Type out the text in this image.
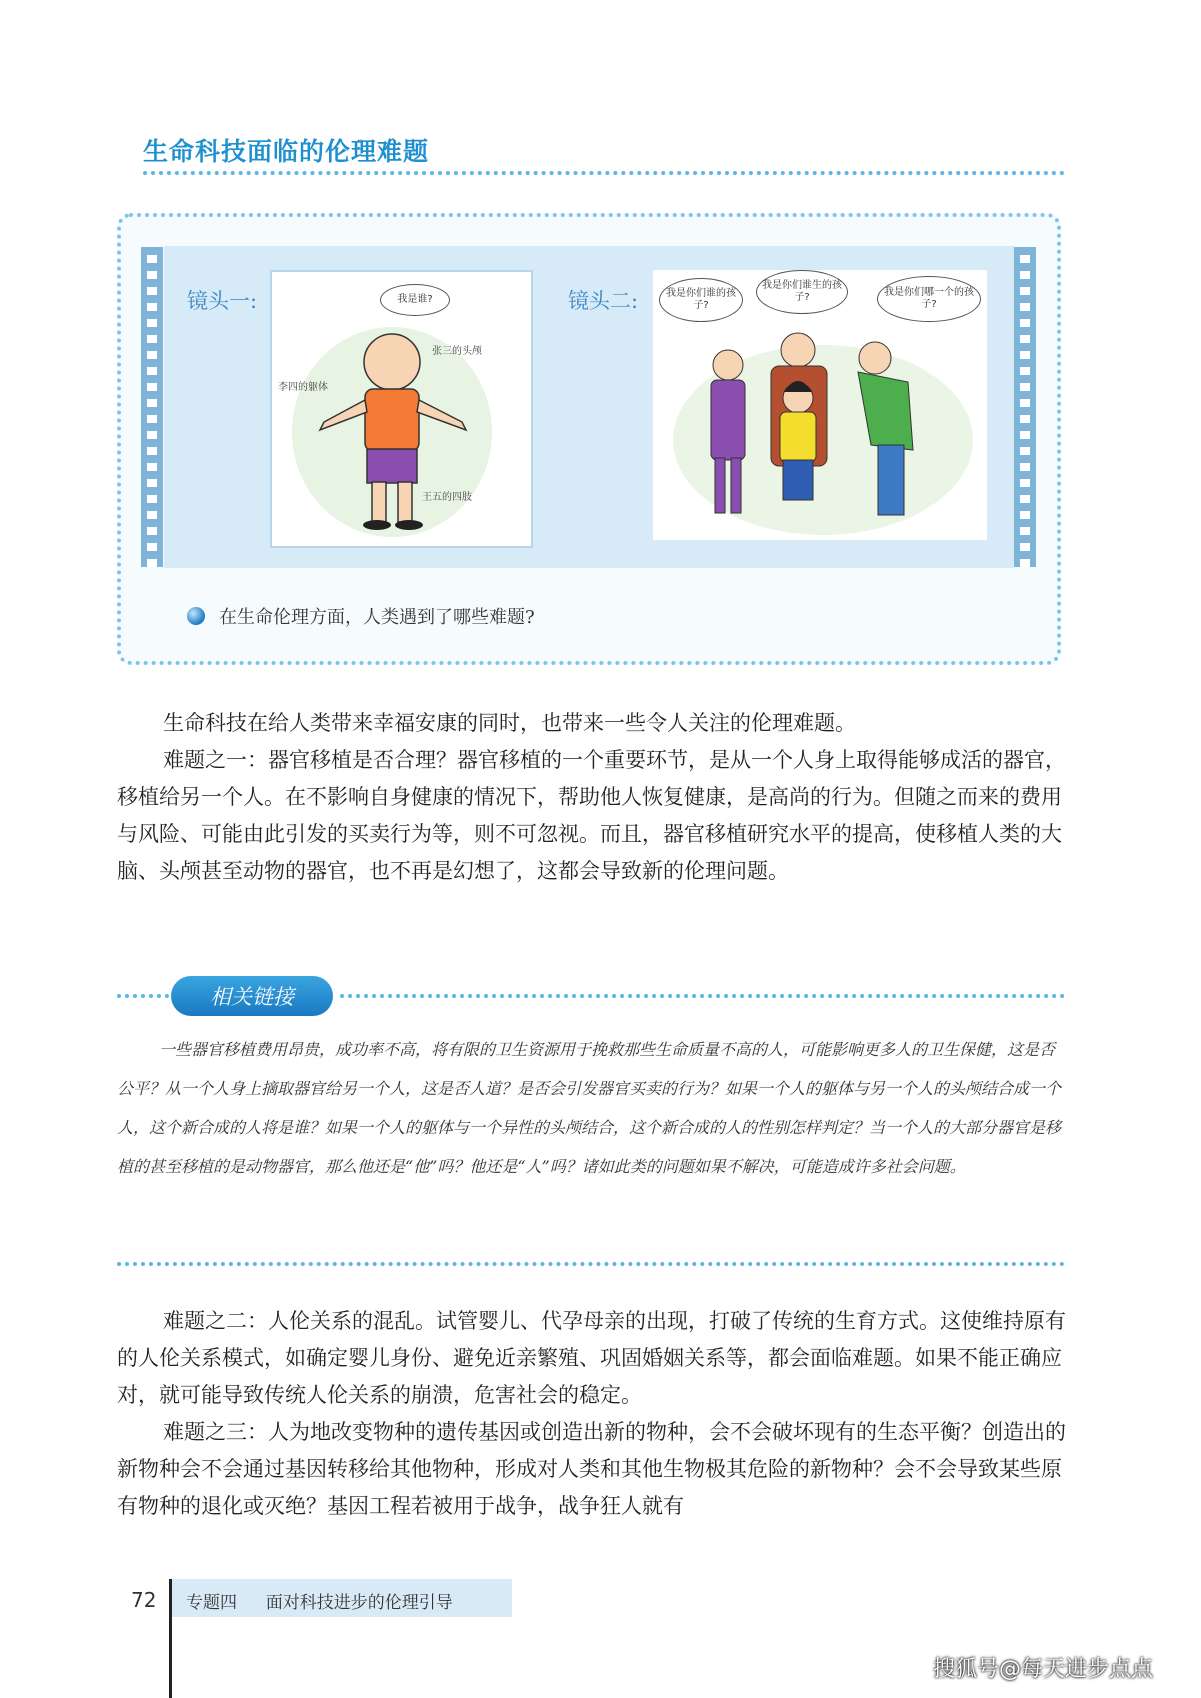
生命科技面临的伦理难题
镜头一:	我是谁?
张三的头颅
李四的躯体
王五的四肢
镜头二:	我是你们谁的孩子?
我是你们谁生的孩子?	我是你们哪一个的孩子?
在生命伦理方面，人类遇到了哪些难题?

生命科技在给人类带来幸福安康的同时，也带来一些令人关注的伦理难题。

难题之一：器官移植是否合理？器官移植的一个重要环节，是从一个人身上取得能够成活的器官，移植给另一个人。在不影响自身健康的情况下，帮助他人恢复健康，是高尚的行为。但随之而来的费用与风险、可能由此引发的买卖行为等，则不可忽视。而且，器官移植研究水平的提高，使移植人类的大脑、头颅甚至动物的器官，也不再是幻想了，这都会导致新的伦理问题。

相关链接

一些器官移植费用昂贵，成功率不高，将有限的卫生资源用于挽救那些生命质量不高的人，可能影响更多人的卫生保健，这是否公平？从一个人身上摘取器官给另一个人，这是否人道？是否会引发器官买卖的行为？如果一个人的躯体与另一个人的头颅结合成一个人，这个新合成的人将是谁？如果一个人的躯体与一个异性的头颅结合，这个新合成的人的性别怎样判定？当一个人的大部分器官是移植的甚至移植的是动物器官，那么他还是“他”吗？他还是“人”吗？诸如此类的问题如果不解决，可能造成许多社会问题。

难题之二：人伦关系的混乱。试管婴儿、代孕母亲的出现，打破了传统的生育方式。这使维持原有的人伦关系模式，如确定婴儿身份、避免近亲繁殖、巩固婚姻关系等，都会面临难题。如果不能正确应对，就可能导致传统人伦关系的崩溃，危害社会的稳定。

难题之三：人为地改变物种的遗传基因或创造出新的物种，会不会破坏现有的生态平衡？创造出的新物种会不会通过基因转移给其他物种，形成对人类和其他生物极其危险的新物种？会不会导致某些原有物种的退化或灭绝？基因工程若被用于战争，战争狂人就有

72 专题四 面对科技进步的伦理引导
搜狐号@每天进步点点
